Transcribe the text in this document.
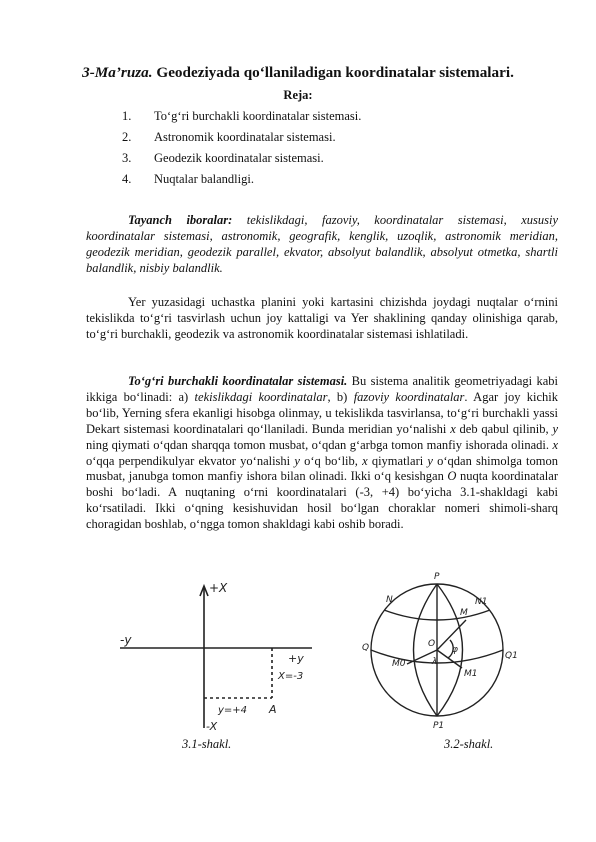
3-Ma’ruza. Geodeziyada qo‘llaniladigan koordinatalar sistemalari.
Reja:
1.	To‘g‘ri burchakli koordinatalar sistemasi.
2.	Astronomik koordinatalar sistemasi.
3.	Geodezik koordinatalar sistemasi.
4.	Nuqtalar balandligi.

Tayanch iboralar: tekislikdagi, fazoviy, koordinatalar sistemasi, xususiy koordinatalar sistemasi, astronomik, geografik, kenglik, uzoqlik, astronomik meridian, geodezik meridian, geodezik parallel, ekvator, absolyut balandlik, absolyut otmetka, shartli balandlik, nisbiy balandlik.

Yer yuzasidagi uchastka planini yoki kartasini chizishda joydagi nuqtalar o‘rnini tekislikda to‘g‘ri tasvirlash uchun joy kattaligi va Yer shaklining qanday olinishiga qarab, to‘g‘ri burchakli, geodezik va astronomik koordinatalar sistemasi ishlatiladi.

To‘g‘ri burchakli koordinatalar sistemasi. Bu sistema analitik geometriyadagi kabi ikkiga bo‘linadi: a) tekislikdagi koordinatalar, b) fazoviy koordinatalar. Agar joy kichik bo‘lib, Yerning sfera ekanligi hisobga olinmay, u tekislikda tasvirlansa, to‘g‘ri burchakli yassi Dekart sistemasi koordinatalari qo‘llaniladi. Bunda meridian yo‘nalishi x deb qabul qilinib, y ning qiymati o‘qdan sharqqa tomon musbat, o‘qdan g‘arbga tomon manfiy ishorada olinadi. x o‘qqa perpendikulyar ekvator yo‘nalishi y o‘q bo‘lib, x qiymatlari y o‘qdan shimolga tomon musbat, janubga tomon manfiy ishora bilan olinadi. Ikki o‘q kesishgan O nuqta koordinatalar boshi bo‘ladi. A nuqtaning o‘rni koordinatalari (-3, +4) bo‘yicha 3.1-shakldagi kabi ko‘rsatiladi. Ikki o‘qning kesishuvidan hosil bo‘lgan choraklar nomeri shimoli-sharq choragidan boshlab, o‘ngga tomon shakldagi kabi oshib boradi.

+X
-X
-y
+y
X=-3
y=+4 A
3.1-shakl.
P
P1
Q
Q1
N	N1
M
M0
M1
O
φ
λ
3.2-shakl.
